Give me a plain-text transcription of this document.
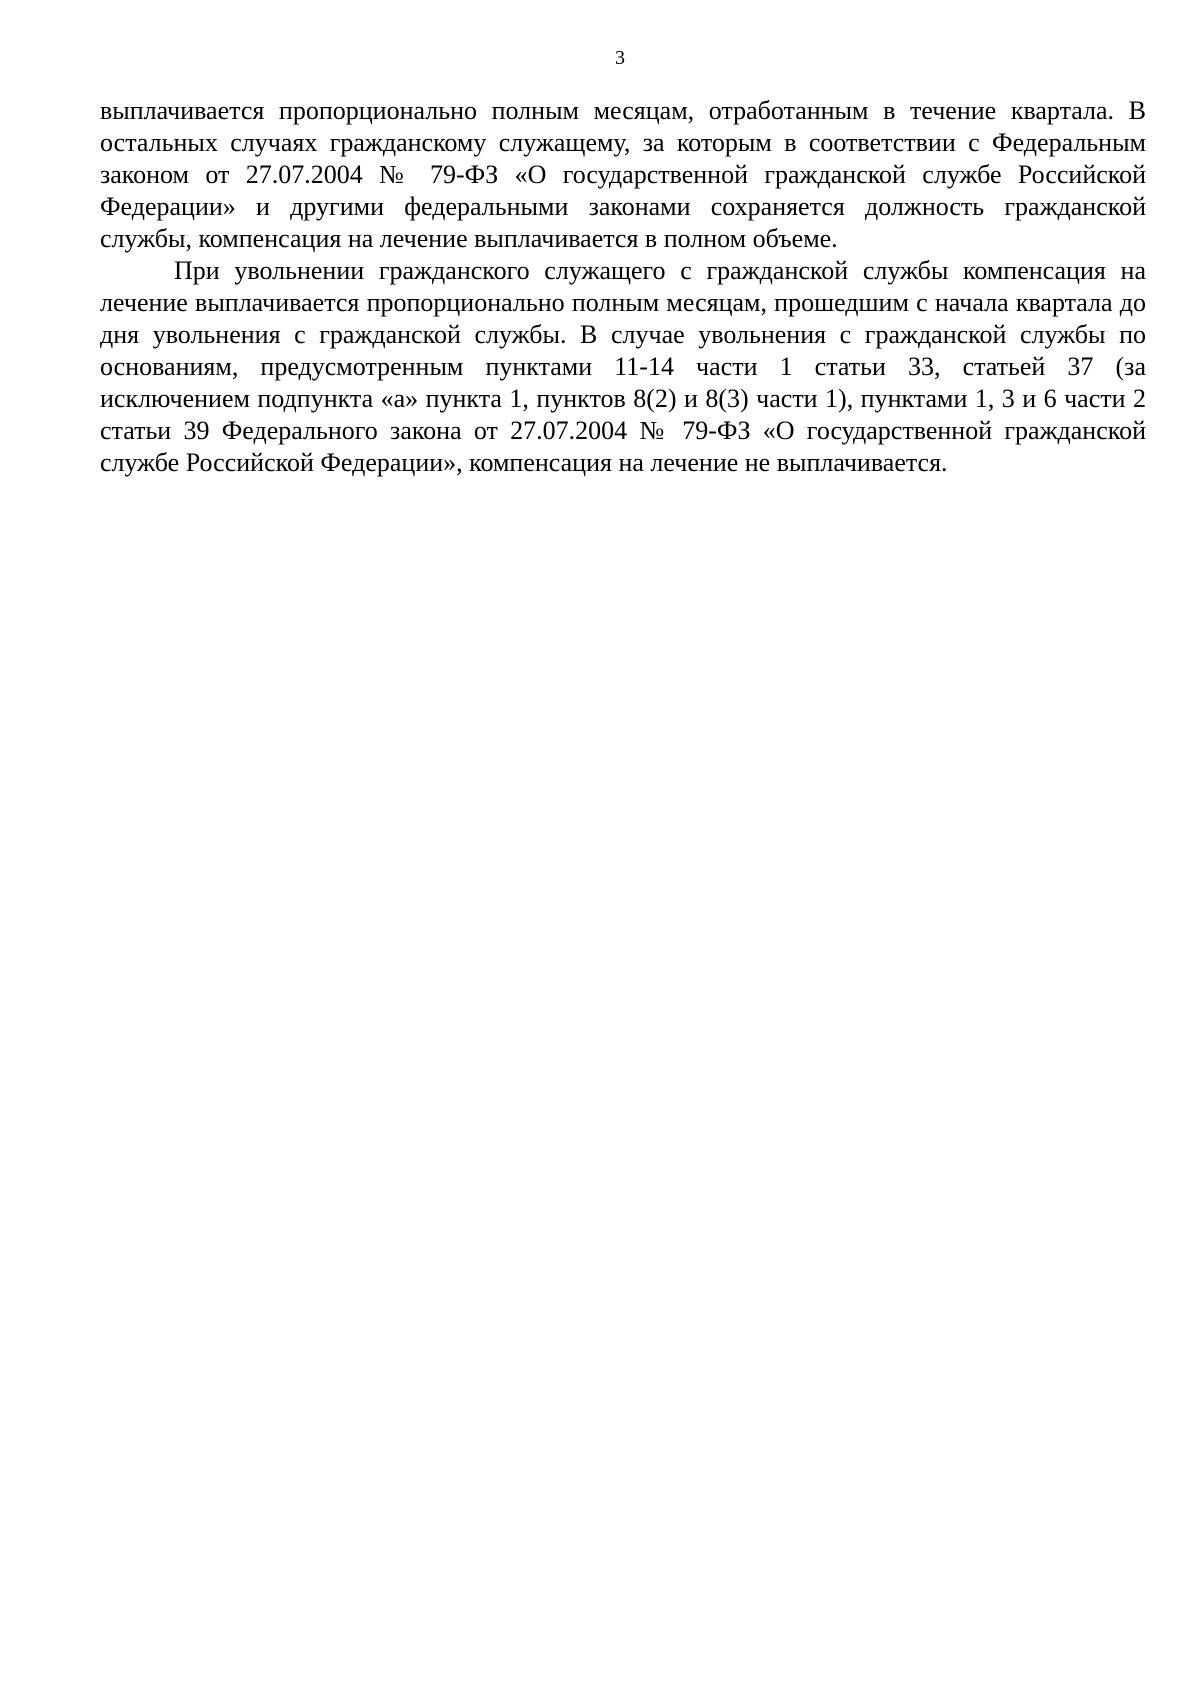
3

выплачивается пропорционально полным месяцам, отработанным в течение квартала. В остальных случаях гражданскому служащему, за которым в соответствии с Федеральным законом от 27.07.2004 № 79-ФЗ «О государственной гражданской службе Российской Федерации» и другими федеральными законами сохраняется должность гражданской службы, компенсация на лечение выплачивается в полном объеме.

При увольнении гражданского служащего с гражданской службы компенсация на лечение выплачивается пропорционально полным месяцам, прошедшим с начала квартала до дня увольнения с гражданской службы. В случае увольнения с гражданской службы по основаниям, предусмотренным пунктами 11-14 части 1 статьи 33, статьей 37 (за исключением подпункта «а» пункта 1, пунктов 8(2) и 8(3) части 1), пунктами 1, 3 и 6 части 2 статьи 39 Федерального закона от 27.07.2004 № 79-ФЗ «О государственной гражданской службе Российской Федерации», компенсация на лечение не выплачивается.
